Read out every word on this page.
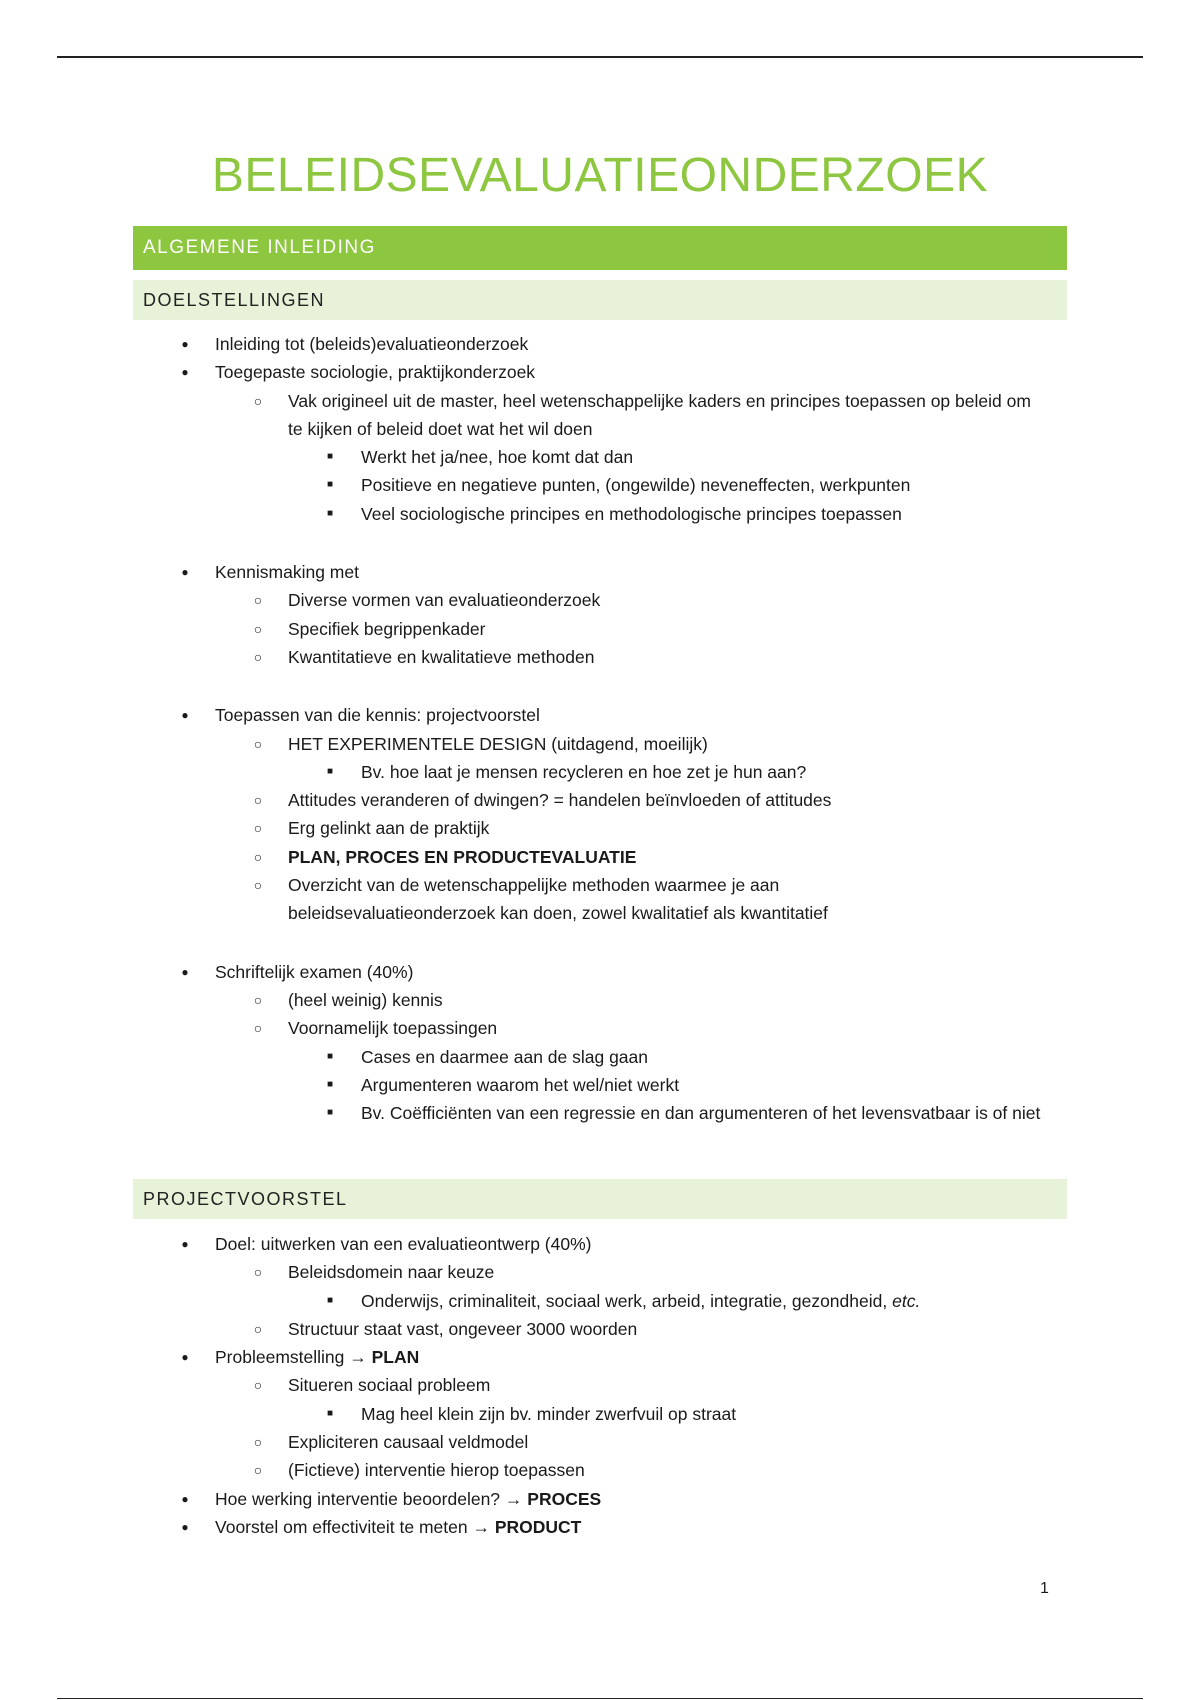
BELEIDSEVALUATIEONDERZOEK
ALGEMENE INLEIDING
DOELSTELLINGEN
●	Inleiding tot (beleids)evaluatieonderzoek
●	Toegepaste sociologie, praktijkonderzoek
○	Vak origineel uit de master, heel wetenschappelijke kaders en principes toepassen op beleid om te kijken of beleid doet wat het wil doen
■	Werkt het ja/nee, hoe komt dat dan
■	Positieve en negatieve punten, (ongewilde) neveneffecten, werkpunten
■	Veel sociologische principes en methodologische principes toepassen
●	Kennismaking met
○	Diverse vormen van evaluatieonderzoek
○	Specifiek begrippenkader
○	Kwantitatieve en kwalitatieve methoden
●	Toepassen van die kennis: projectvoorstel
○	HET EXPERIMENTELE DESIGN (uitdagend, moeilijk)
■	Bv. hoe laat je mensen recycleren en hoe zet je hun aan?
○	Attitudes veranderen of dwingen? = handelen beïnvloeden of attitudes
○	Erg gelinkt aan de praktijk
○	PLAN, PROCES EN PRODUCTEVALUATIE
○	Overzicht van de wetenschappelijke methoden waarmee je aan beleidsevaluatieonderzoek kan doen, zowel kwalitatief als kwantitatief
●	Schriftelijk examen (40%)
○	(heel weinig) kennis
○	Voornamelijk toepassingen
■	Cases en daarmee aan de slag gaan
■	Argumenteren waarom het wel/niet werkt
■	Bv. Coëfficiënten van een regressie en dan argumenteren of het levensvatbaar is of niet
PROJECTVOORSTEL
●	Doel: uitwerken van een evaluatieontwerp (40%)
○	Beleidsdomein naar keuze
■	Onderwijs, criminaliteit, sociaal werk, arbeid, integratie, gezondheid, etc.
○	Structuur staat vast, ongeveer 3000 woorden
●	Probleemstelling → PLAN
○	Situeren sociaal probleem
■	Mag heel klein zijn bv. minder zwerfvuil op straat
○	Expliciteren causaal veldmodel
○	(Fictieve) interventie hierop toepassen
●	Hoe werking interventie beoordelen? → PROCES
●	Voorstel om effectiviteit te meten → PRODUCT
1
